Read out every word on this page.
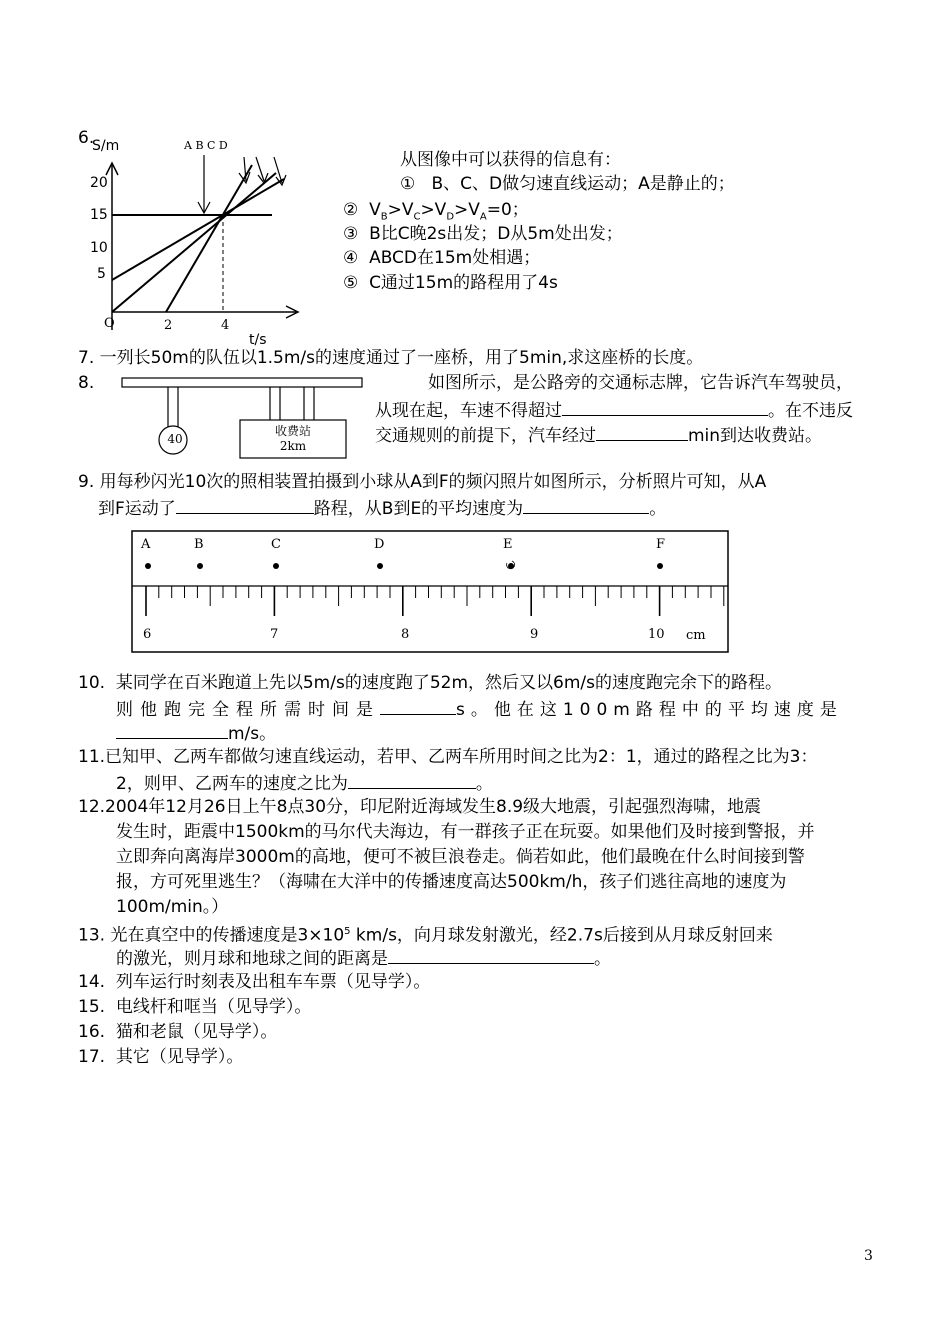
6.
S/m	A B C D
20
15
10
5
O	2	4
t/s
从图像中可以获得的信息有：
① B、C、D做匀速直线运动；A是静止的；
② $V_B>V_C>V_D>V_A=0$；
③ B比C晚2s出发；D从5m处出发；
④ ABCD在15m处相遇；
⑤ C通过15m的路程用了4s
7. 一列长50m的队伍以1.5m/s的速度通过了一座桥，用了5min,求这座桥的长度。
8.
40
收费站
2km
如图所示，是公路旁的交通标志牌，它告诉汽车驾驶员，
从现在起，车速不得超过	。在不违反
交通规则的前提下，汽车经过	min到达收费站。
9. 用每秒闪光10次的照相装置拍摄到小球从A到F的频闪照片如图所示，分析照片可知，从A
到F运动了	路程，从B到E的平均速度为	。
A	B	C	D	E	F
6	7	8	9	10 cm
10. 某同学在百米跑道上先以5m/s的速度跑了52m，然后又以6m/s的速度跑完余下的路程。
则他跑完全程所需时间是	s。他在这100m路程中的平均速度是
m/s。
11.已知甲、乙两车都做匀速直线运动，若甲、乙两车所用时间之比为2：1，通过的路程之比为3：
2，则甲、乙两车的速度之比为	。
12.2004年12月26日上午8点30分，印尼附近海域发生8.9级大地震，引起强烈海啸，地震
发生时，距震中1500km的马尔代夫海边，有一群孩子正在玩耍。如果他们及时接到警报，并
立即奔向离海岸3000m的高地，便可不被巨浪卷走。倘若如此，他们最晚在什么时间接到警
报，方可死里逃生？（海啸在大洋中的传播速度高达500km/h，孩子们逃往高地的速度为
100m/min。）
13. 光在真空中的传播速度是$3\times 10^5$ km/s，向月球发射激光，经2.7s后接到从月球反射回来
的激光，则月球和地球之间的距离是	。
14. 列车运行时刻表及出租车车票（见导学）。
15. 电线杆和哐当（见导学）。
16. 猫和老鼠（见导学）。
17. 其它（见导学）。
3
